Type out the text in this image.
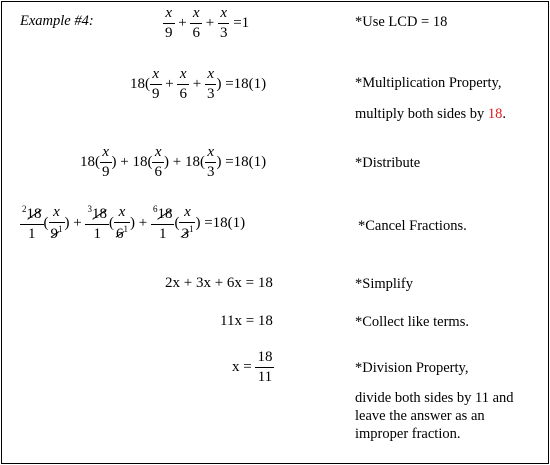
Example #4:	$\frac{x}{9} + \frac{x}{6} + \frac{x}{3} =1$	*Use LCD = 18
$18( \frac{x}{9} + \frac{x}{6} + \frac{x}{3}$ ) =18(1)	*Multiplication Property,
multiply both sides by 18.
$18( \frac{x}{9}$ ) + $18( \frac{x}{6}$ ) + $18( \frac{x}{3}$ ) =18(1)	*Distribute
$\frac{^218}{1}$ ( $\frac{x}{9^1}$ ) + $\frac{^318}{1}$ ( $\frac{x}{6^1}$ ) + $\frac{^618}{1}$ ( $\frac{x}{3^1}$ ) =18(1)	*Cancel Fractions.
2x + 3x + 6x = 18	*Simplify
11x = 18	*Collect like terms.
$x = \frac{18}{11}$	*Division Property,
divide both sides by 11 and
leave the answer as an
improper fraction.
